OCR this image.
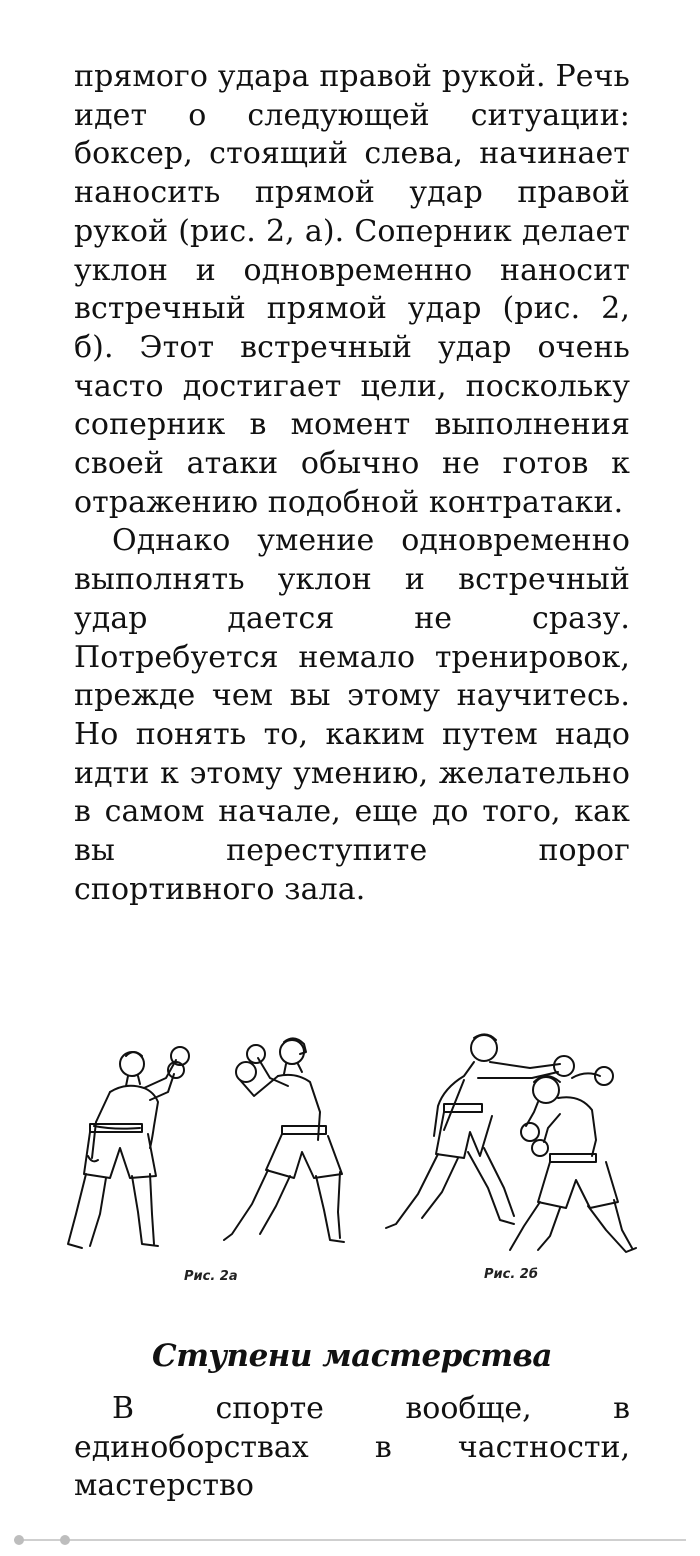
прямого удара правой рукой. Речь идет о следующей ситуации: боксер, стоящий слева, начинает наносить прямой удар правой рукой (рис. 2, а). Соперник делает уклон и одновременно наносит встречный прямой удар (рис. 2, б). Этот встречный удар очень часто достигает цели, поскольку соперник в момент выполнения своей атаки обычно не готов к отражению подобной контратаки.

Однако умение одновременно выполнять уклон и встречный удар дается не сразу. Потребуется немало тренировок, прежде чем вы этому научитесь. Но понять то, каким путем надо идти к этому умению, желательно в самом начале, еще до того, как вы переступите порог спортивного зала.

Рис. 2а	Рис. 2б
Ступени мастерства

В спорте вообще, в единоборствах в частности, мастерство
